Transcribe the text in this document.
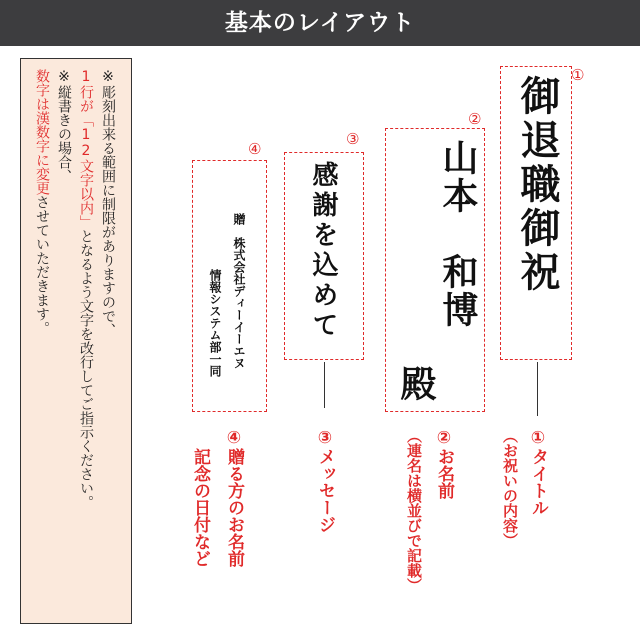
基本のレイアウト
※彫刻出来る範囲に制限がありますので、
1行が「12文字以内」となるよう文字を改行してご指示ください。
※縦書きの場合、
数字は漢数字に変更させていただきます。
①
御退職御祝
①タイトル
（お祝いの内容）
②
山本　和博
殿
②お名前
（連名は横並びで記載）
③
感謝を込めて
③メッセージ
④
贈　株式会社ディーイーエヌ
情報システム部一同
④贈る方のお名前
記念の日付など
